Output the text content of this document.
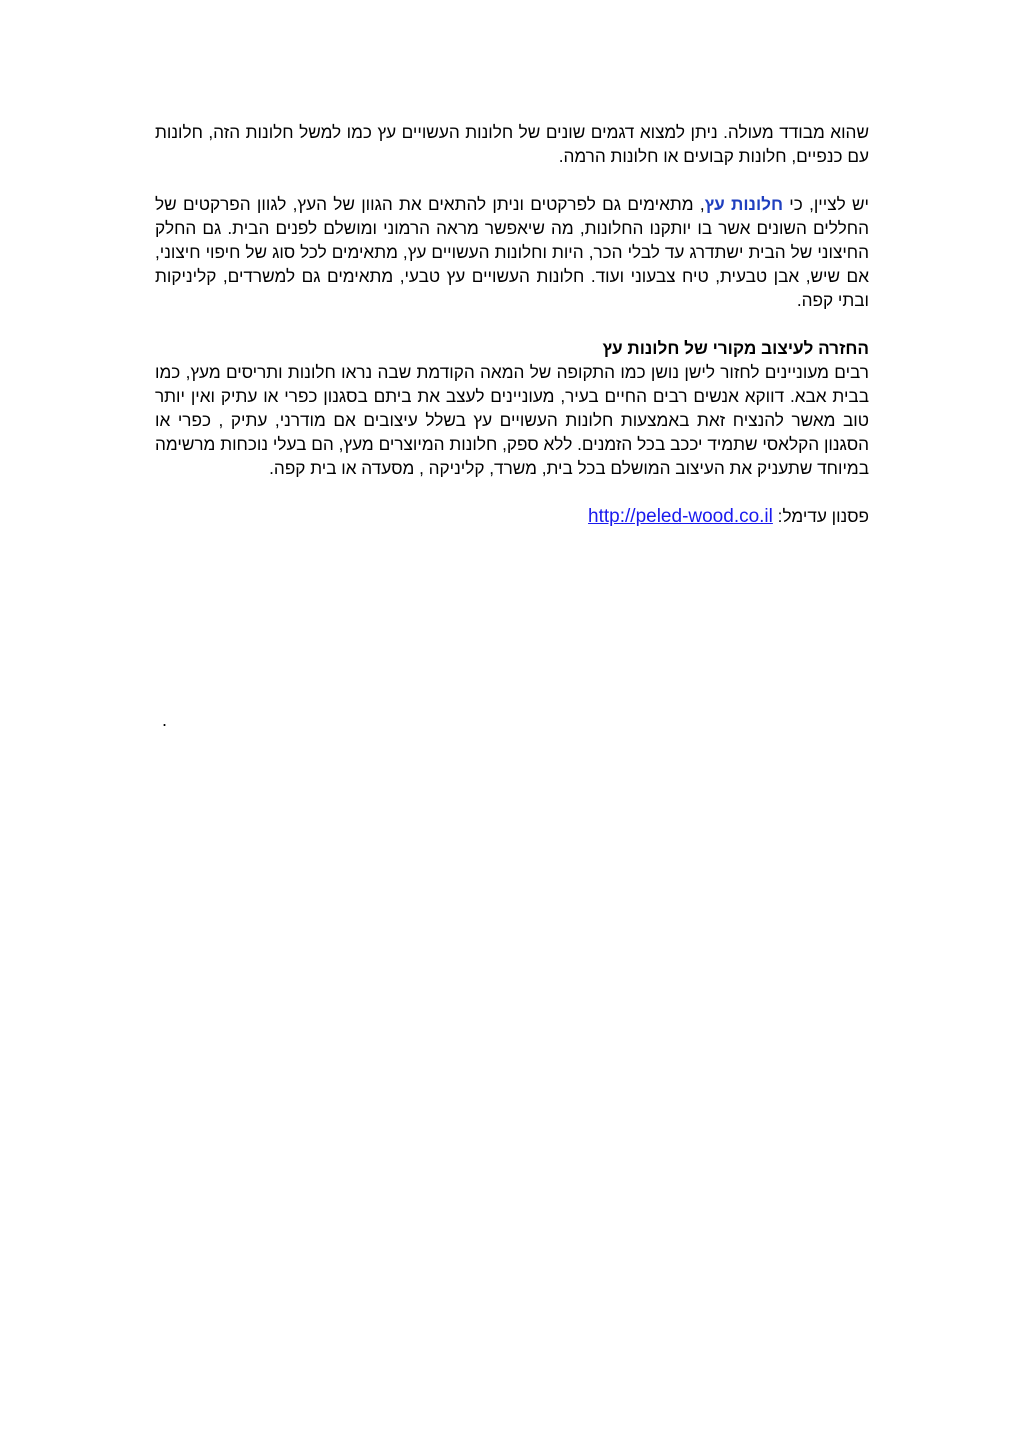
שהוא מבודד מעולה. ניתן למצוא דגמים שונים של חלונות העשויים עץ כמו למשל חלונות הזה, חלונות עם כנפיים, חלונות קבועים או חלונות הרמה.

יש לציין, כי חלונות עץ, מתאימים גם לפרקטים וניתן להתאים את הגוון של העץ, לגוון הפרקטים של החללים השונים אשר בו יותקנו החלונות, מה שיאפשר מראה הרמוני ומושלם לפנים הבית. גם החלק החיצוני של הבית ישתדרג עד לבלי הכר, היות וחלונות העשויים עץ, מתאימים לכל סוג של חיפוי חיצוני, אם שיש, אבן טבעית, טיח צבעוני ועוד. חלונות העשויים עץ טבעי, מתאימים גם למשרדים, קליניקות ובתי קפה.

החזרה לעיצוב מקורי של חלונות עץ

רבים מעוניינים לחזור לישן נושן כמו התקופה של המאה הקודמת שבה נראו חלונות ותריסים מעץ, כמו בבית אבא. דווקא אנשים רבים החיים בעיר, מעוניינים לעצב את ביתם בסגנון כפרי או עתיק ואין יותר טוב מאשר להנציח זאת באמצעות חלונות העשויים עץ בשלל עיצובים אם מודרני, עתיק , כפרי או הסגנון הקלאסי שתמיד יככב בכל הזמנים. ללא ספק, חלונות המיוצרים מעץ, הם בעלי נוכחות מרשימה במיוחד שתעניק את העיצוב המושלם בכל בית, משרד, קליניקה , מסעדה או בית קפה.

פסנון עדימל: http://peled-wood.co.il

.
